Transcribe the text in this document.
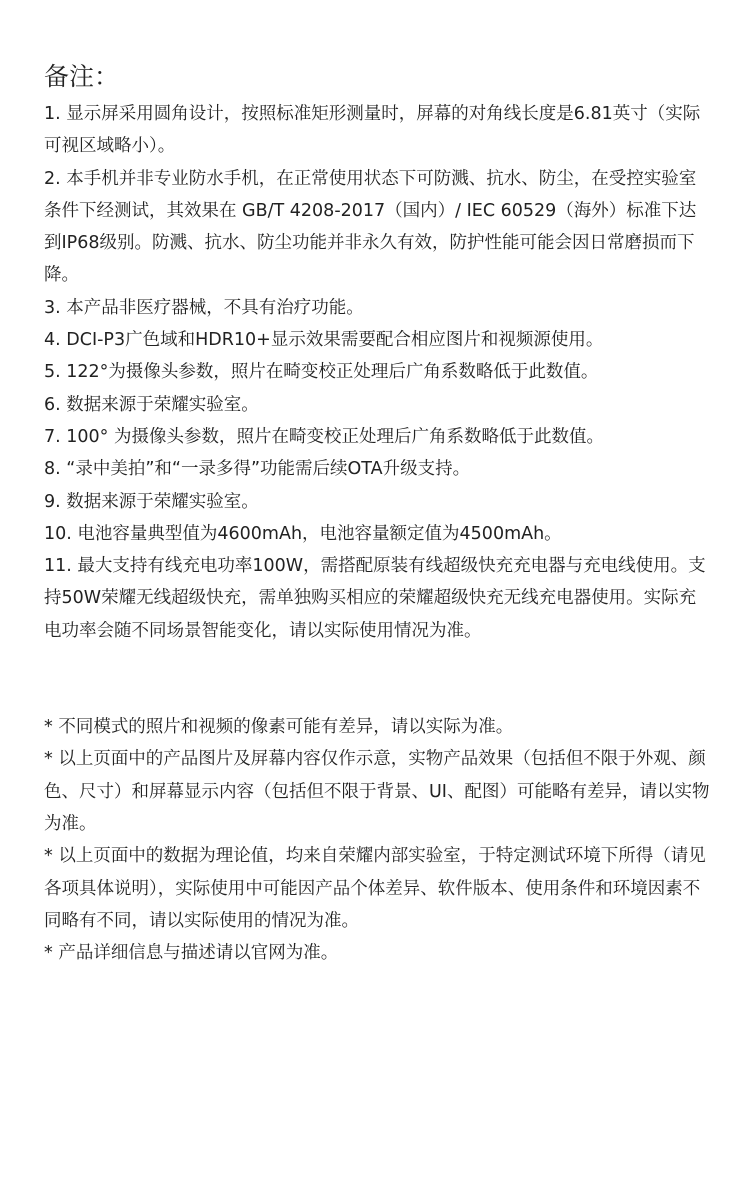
备注：

1. 显示屏采用圆角设计，按照标准矩形测量时，屏幕的对角线长度是6.81英寸（实际可视区域略小）。

2. 本手机并非专业防水手机，在正常使用状态下可防溅、抗水、防尘，在受控实验室条件下经测试，其效果在 GB/T 4208-2017（国内）/ IEC 60529（海外）标准下达到IP68级别。防溅、抗水、防尘功能并非永久有效，防护性能可能会因日常磨损而下降。

3. 本产品非医疗器械，不具有治疗功能。

4. DCI-P3广色域和HDR10+显示效果需要配合相应图片和视频源使用。

5. 122°为摄像头参数，照片在畸变校正处理后广角系数略低于此数值。

6. 数据来源于荣耀实验室。

7. 100° 为摄像头参数，照片在畸变校正处理后广角系数略低于此数值。

8. “录中美拍”和“一录多得”功能需后续OTA升级支持。

9. 数据来源于荣耀实验室。

10. 电池容量典型值为4600mAh，电池容量额定值为4500mAh。

11. 最大支持有线充电功率100W，需搭配原装有线超级快充充电器与充电线使用。支持50W荣耀无线超级快充，需单独购买相应的荣耀超级快充无线充电器使用。实际充电功率会随不同场景智能变化，请以实际使用情况为准。

* 不同模式的照片和视频的像素可能有差异，请以实际为准。

* 以上页面中的产品图片及屏幕内容仅作示意，实物产品效果（包括但不限于外观、颜色、尺寸）和屏幕显示内容（包括但不限于背景、UI、配图）可能略有差异，请以实物为准。

* 以上页面中的数据为理论值，均来自荣耀内部实验室，于特定测试环境下所得（请见各项具体说明），实际使用中可能因产品个体差异、软件版本、使用条件和环境因素不同略有不同，请以实际使用的情况为准。

* 产品详细信息与描述请以官网为准。
